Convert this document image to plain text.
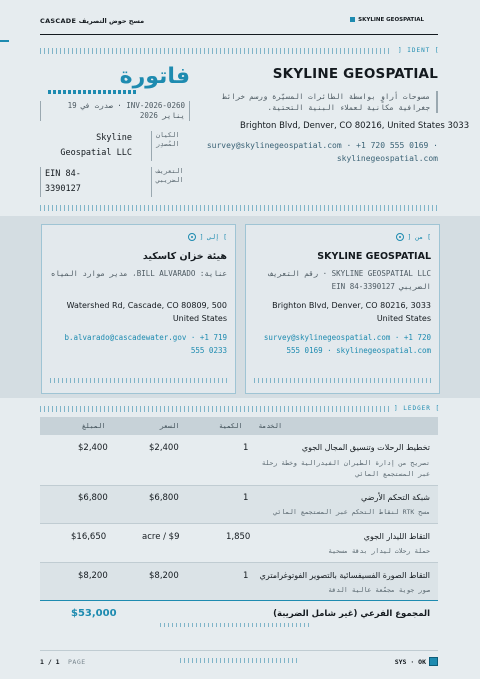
CASCADE مسح حوض التصريف	SKYLINE GEOSPATIAL
] IDENT [
SKYLINE GEOSPATIAL
مسوحات أراوٍ بواسطة الطائرات المسيّرة ورسم خرائط جغرافية مكانية لعملاء البنية التحتية.
Brighton Blvd, Denver, CO 80216, United States 3033
survey@skylinegeospatial.com · +1 720 555 0169 · skylinegeospatial.com
فاتورة
INV-2026-0260 · صدرت في 19 يناير 2026
Skyline Geospatial LLC
الكيان المُصدِر
EIN 84-3390127
التعريف الضريبي
] من [
SKYLINE GEOSPATIAL
SKYLINE GEOSPATIAL LLC · رقم التعريف الضريبي EIN 84-3390127
Brighton Blvd, Denver, CO 80216, 3033 United States
survey@skylinegeospatial.com · +1 720 555 0169 · skylinegeospatial.com
] إلى [
هيئة خزان كاسكيد
عناية: BILL ALVARADO، مدير موارد المياه
Watershed Rd, Cascade, CO 80809, 500 United States
b.alvarado@cascadewater.gov · +1 719 555 0233
] LEDGER [
الخدمة
الكمية
السعر
المبلغ
تخطيط الرحلات وتنسيق المجال الجوي
تصريح من إدارة الطيران الفيدرالية وخطة رحلة عبر المستجمع المائي
1
$2,400
$2,400
شبكة التحكم الأرضي
مسح RTK لنقاط التحكم عبر المستجمع المائي
1
$6,800
$6,800
التقاط الليدار الجوي
حملة رحلات ليدار بدقة مسحية
1,850
acre / $9
$16,650
التقاط الصورة الفسيفسائية بالتصوير الفوتوغرامتري
صور جوية مجمّعة عالية الدقة
1
$8,200
$8,200
المجموع الفرعي (غير شامل الضريبة)
$53,000
1 / 1 PAGE	SYS · OK
